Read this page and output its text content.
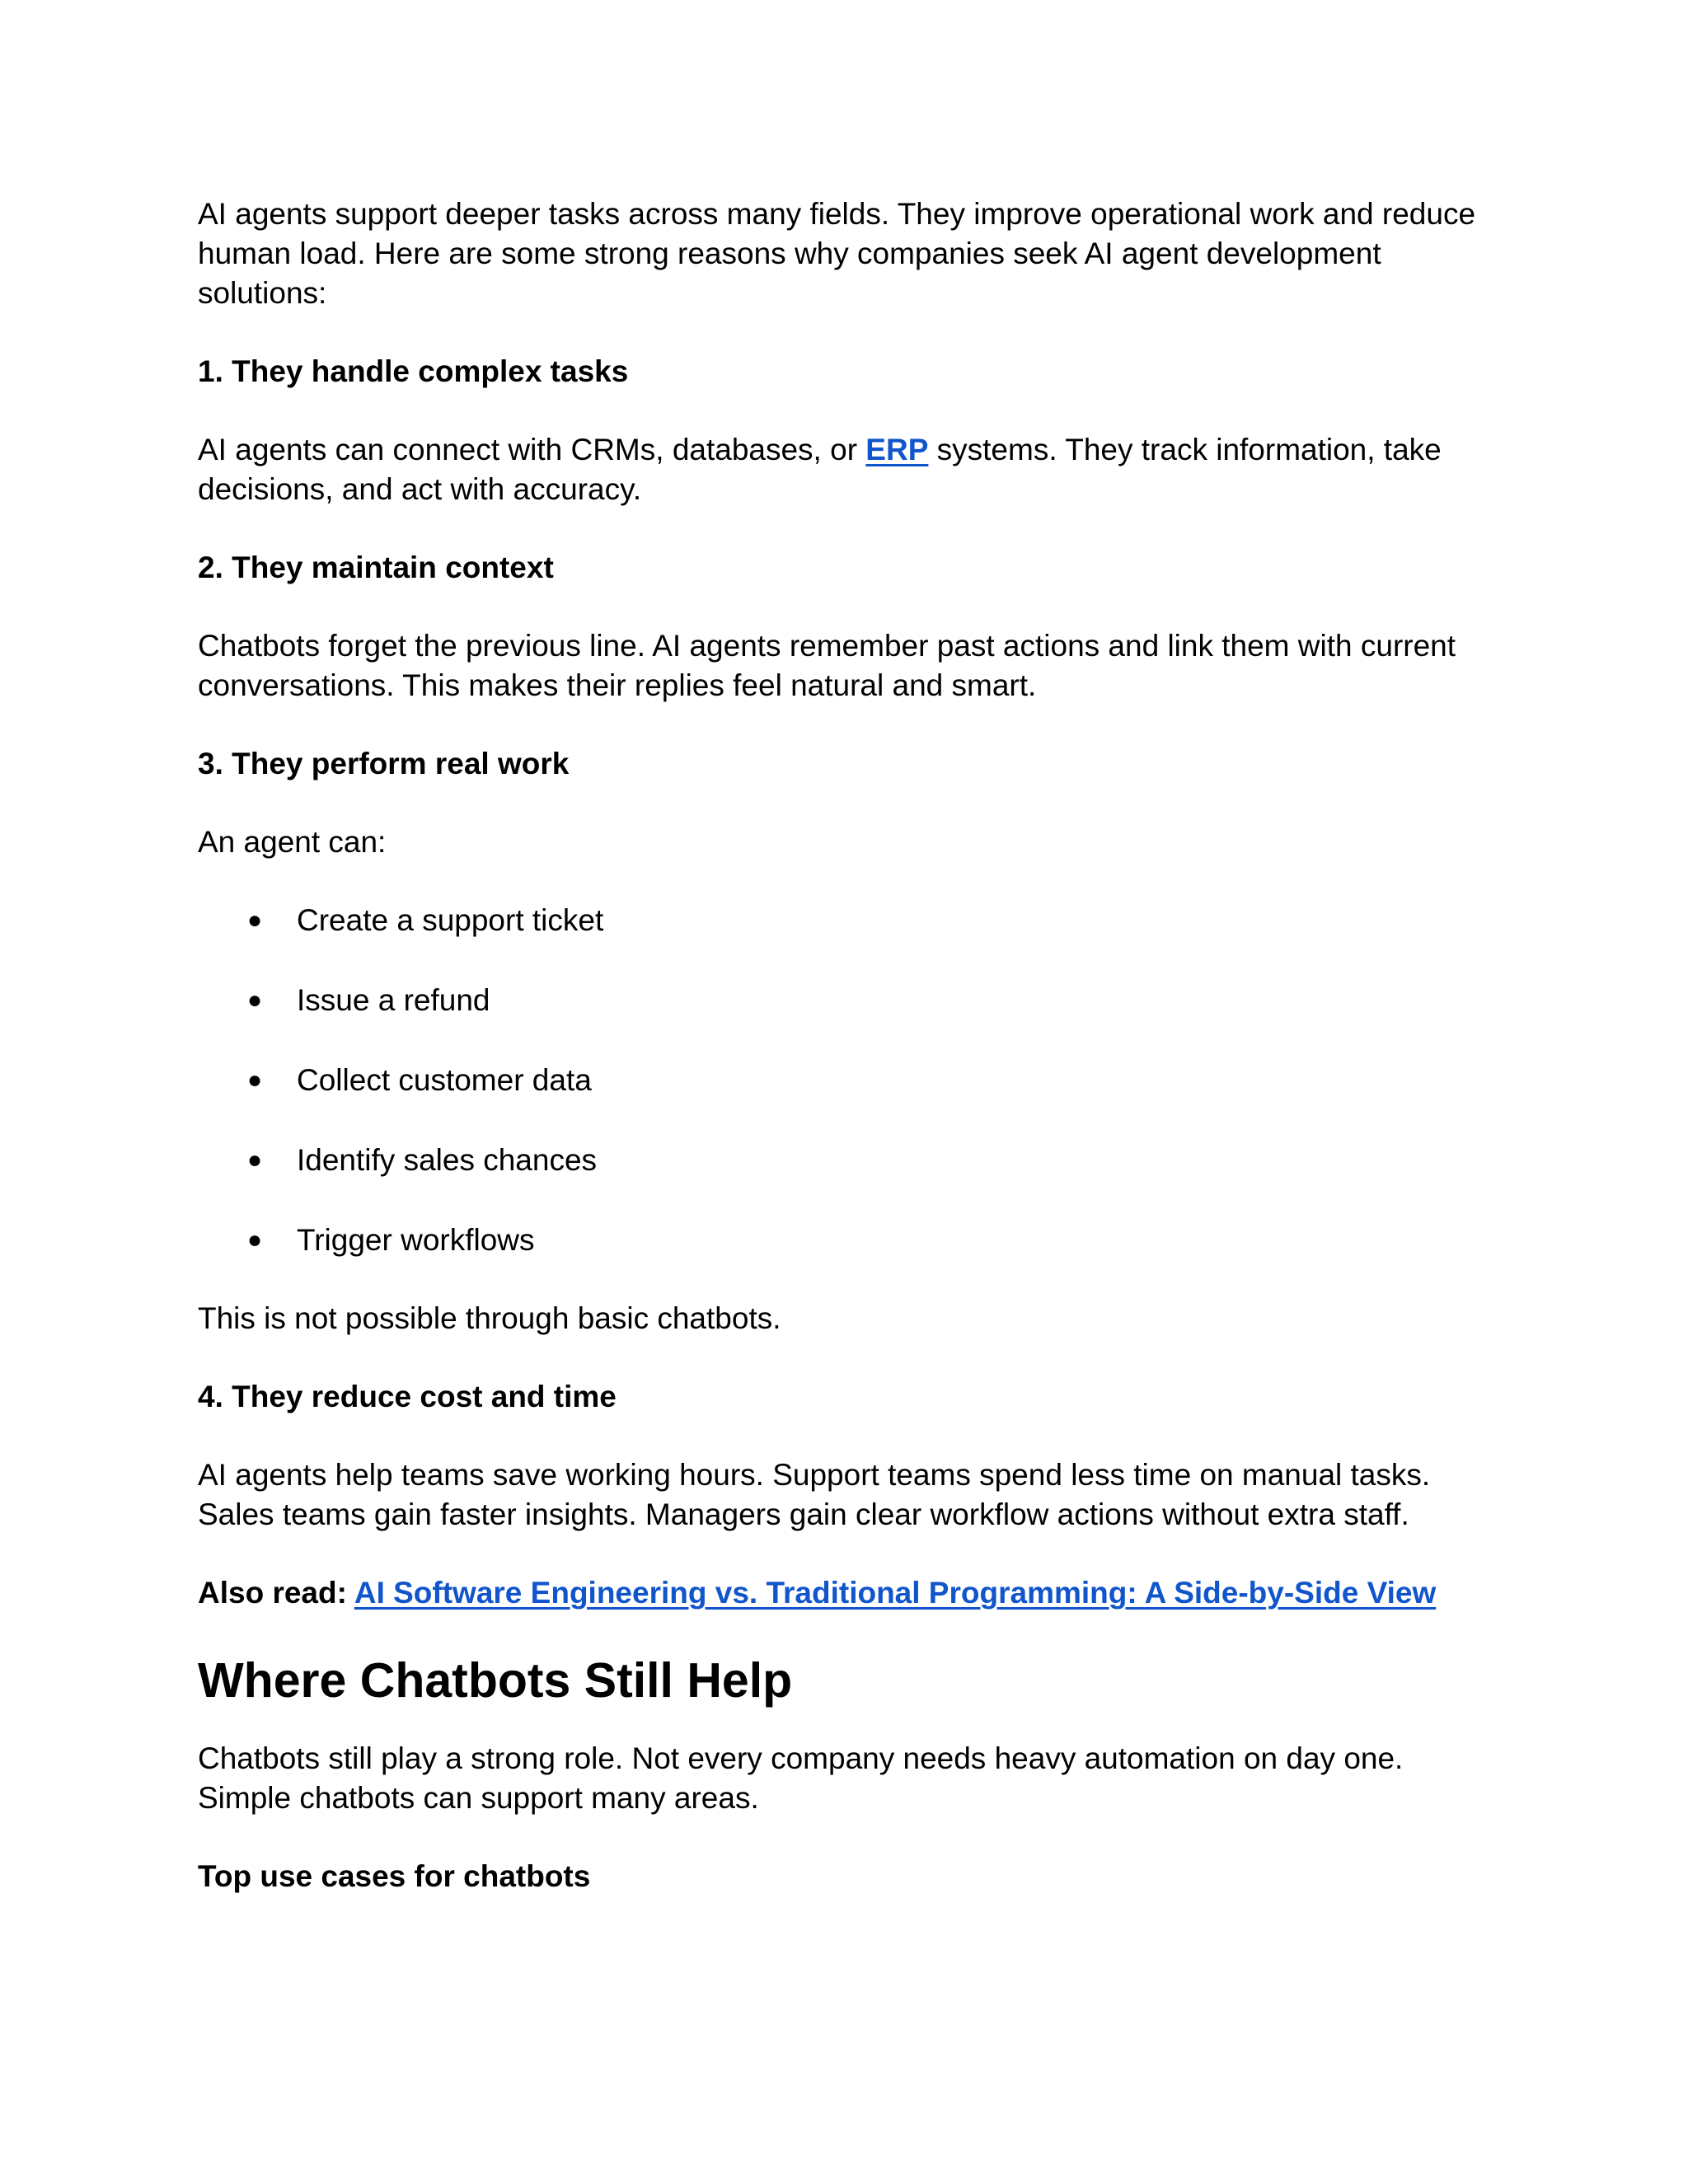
AI agents support deeper tasks across many fields. They improve operational work and reduce human load. Here are some strong reasons why companies seek AI agent development solutions:

1. They handle complex tasks

AI agents can connect with CRMs, databases, or ERP systems. They track information, take decisions, and act with accuracy.

2. They maintain context

Chatbots forget the previous line. AI agents remember past actions and link them with current conversations. This makes their replies feel natural and smart.

3. They perform real work

An agent can:

● Create a support ticket
● Issue a refund
● Collect customer data
● Identify sales chances
● Trigger workflows

This is not possible through basic chatbots.

4. They reduce cost and time

AI agents help teams save working hours. Support teams spend less time on manual tasks. Sales teams gain faster insights. Managers gain clear workflow actions without extra staff.

Also read: AI Software Engineering vs. Traditional Programming: A Side-by-Side View

Where Chatbots Still Help

Chatbots still play a strong role. Not every company needs heavy automation on day one. Simple chatbots can support many areas.

Top use cases for chatbots
